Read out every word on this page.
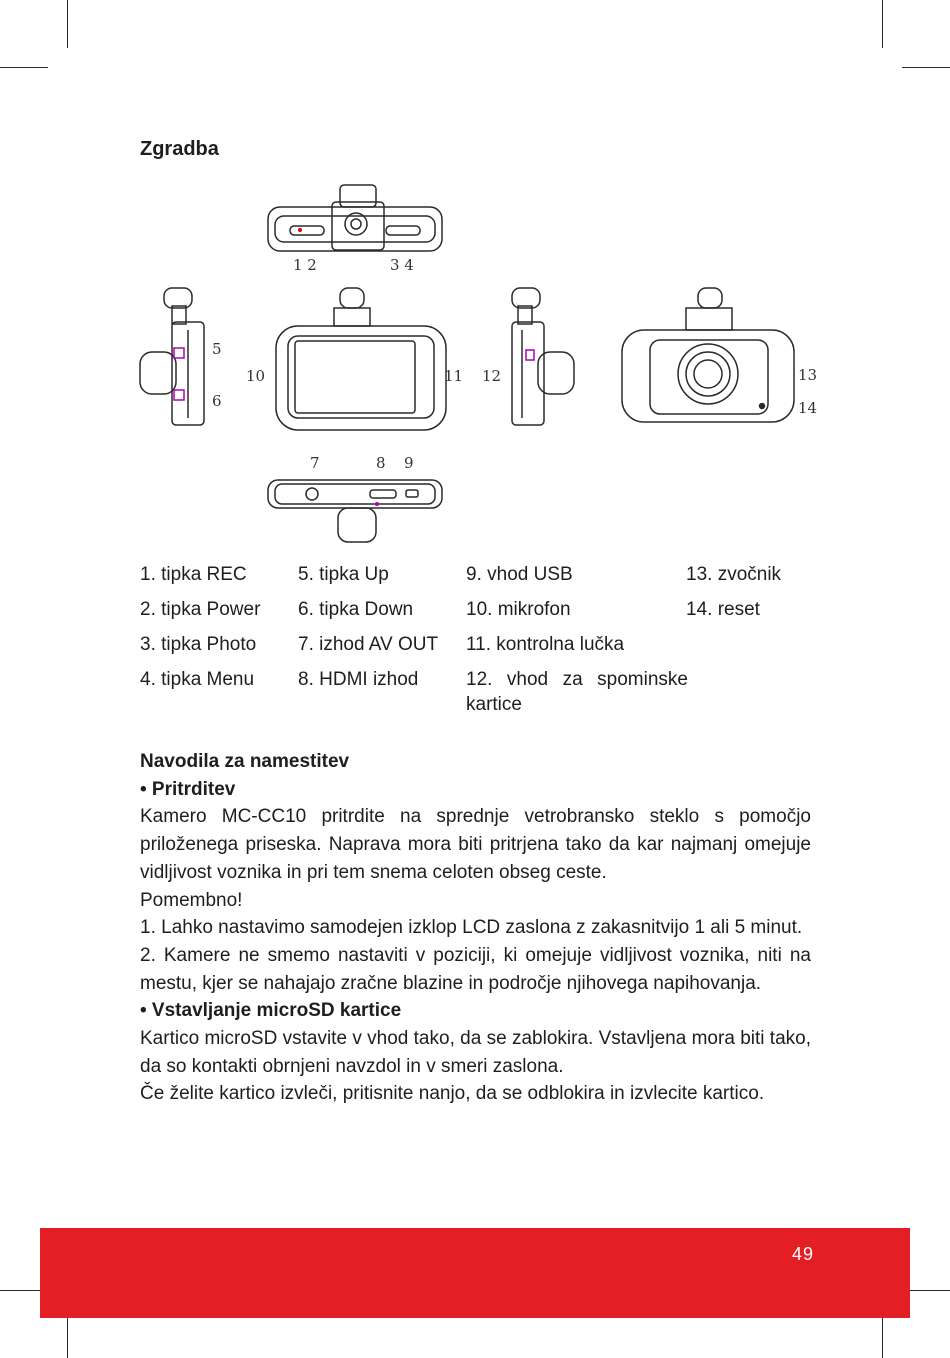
Zgradba
1 2	3 4
5
6
10	11 12	13
14
7	8 9
1. tipka REC	5. tipka Up	9. vhod USB	13. zvočnik
2. tipka Power 6. tipka Down	10. mikrofon	14. reset
3. tipka Photo 7. izhod AV OUT 11. kontrolna lučka
4. tipka Menu 8. HDMI izhod	12. vhod za spominske kartice

Navodila za namestitev

• Pritrditev

Kamero MC-CC10 pritrdite na sprednje vetrobransko steklo s pomočjo priloženega priseska. Naprava mora biti pritrjena tako da kar najmanj omejuje vidljivost voznika in pri tem snema celoten obseg ceste.

Pomembno!

1. Lahko nastavimo samodejen izklop LCD zaslona z zakasnitvijo 1 ali 5 minut.

2. Kamere ne smemo nastaviti v poziciji, ki omejuje vidljivost voznika, niti na mestu, kjer se nahajajo zračne blazine in področje njihovega napihovanja.

• Vstavljanje microSD kartice

Kartico microSD vstavite v vhod tako, da se zablokira. Vstavljena mora biti tako, da so kontakti obrnjeni navzdol in v smeri zaslona.

Če želite kartico izvleči, pritisnite nanjo, da se odblokira in izvlecite kartico.

49
